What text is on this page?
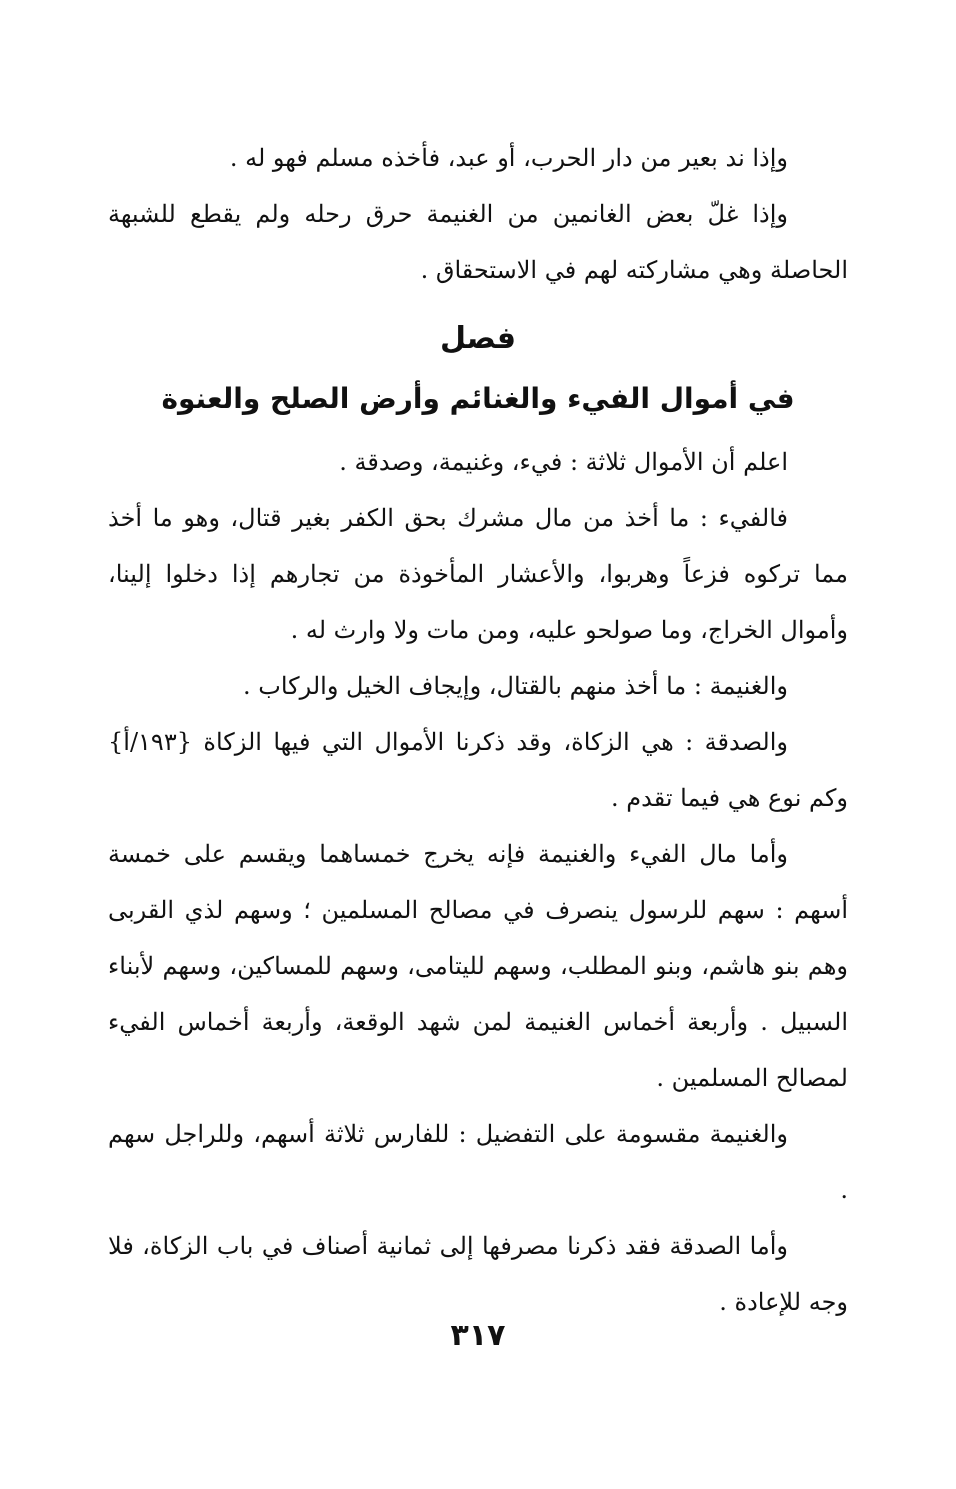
وإذا ند بعير من دار الحرب، أو عبد، فأخذه مسلم فهو له .

وإذا غلّ بعض الغانمين من الغنيمة حرق رحله ولم يقطع للشبهة الحاصلة وهي مشاركته لهم في الاستحقاق .

فصل
في أموال الفيء والغنائم وأرض الصلح والعنوة

اعلم أن الأموال ثلاثة : فيء، وغنيمة، وصدقة .

فالفيء : ما أخذ من مال مشرك بحق الكفر بغير قتال، وهو ما أخذ مما تركوه فزعاً وهربوا، والأعشار المأخوذة من تجارهم إذا دخلوا إلينا، وأموال الخراج، وما صولحو عليه، ومن مات ولا وارث له .

والغنيمة : ما أخذ منهم بالقتال، وإيجاف الخيل والركاب .

والصدقة : هي الزكاة، وقد ذكرنا الأموال التي فيها الزكاة {١٩٣/أ} وكم نوع هي فيما تقدم .

وأما مال الفيء والغنيمة فإنه يخرج خمساهما ويقسم على خمسة أسهم : سهم للرسول ينصرف في مصالح المسلمين ؛ وسهم لذي القربى وهم بنو هاشم، وبنو المطلب، وسهم لليتامى، وسهم للمساكين، وسهم لأبناء السبيل . وأربعة أخماس الغنيمة لمن شهد الوقعة، وأربعة أخماس الفيء لمصالح المسلمين .

والغنيمة مقسومة على التفضيل : للفارس ثلاثة أسهم، وللراجل سهم .

وأما الصدقة فقد ذكرنا مصرفها إلى ثمانية أصناف في باب الزكاة، فلا وجه للإعادة .

٣١٧
